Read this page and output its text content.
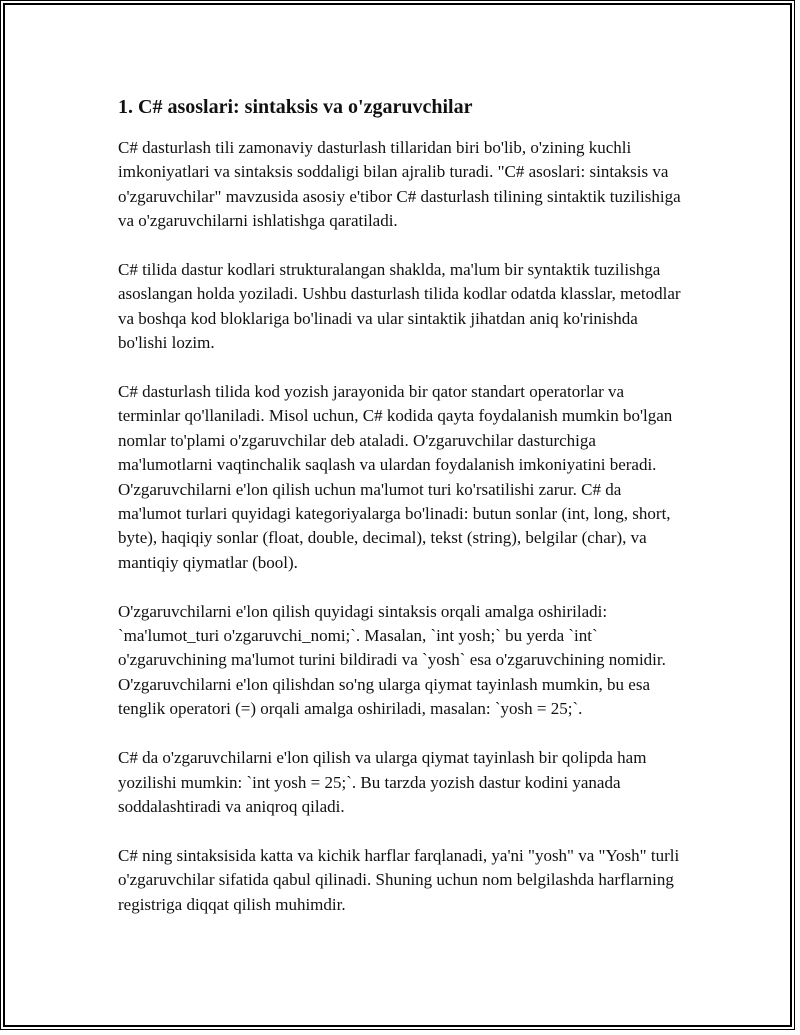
1. C# asoslari: sintaksis va o'zgaruvchilar

C# dasturlash tili zamonaviy dasturlash tillaridan biri bo'lib, o'zining kuchli imkoniyatlari va sintaksis soddaligi bilan ajralib turadi. "C# asoslari: sintaksis va o'zgaruvchilar" mavzusida asosiy e'tibor C# dasturlash tilining sintaktik tuzilishiga va o'zgaruvchilarni ishlatishga qaratiladi.

C# tilida dastur kodlari strukturalangan shaklda, ma'lum bir syntaktik tuzilishga asoslangan holda yoziladi. Ushbu dasturlash tilida kodlar odatda klasslar, metodlar va boshqa kod bloklariga bo'linadi va ular sintaktik jihatdan aniq ko'rinishda bo'lishi lozim.

C# dasturlash tilida kod yozish jarayonida bir qator standart operatorlar va terminlar qo'llaniladi. Misol uchun, C# kodida qayta foydalanish mumkin bo'lgan nomlar to'plami o'zgaruvchilar deb ataladi. O'zgaruvchilar dasturchiga ma'lumotlarni vaqtinchalik saqlash va ulardan foydalanish imkoniyatini beradi. O'zgaruvchilarni e'lon qilish uchun ma'lumot turi ko'rsatilishi zarur. C# da ma'lumot turlari quyidagi kategoriyalarga bo'linadi: butun sonlar (int, long, short, byte), haqiqiy sonlar (float, double, decimal), tekst (string), belgilar (char), va mantiqiy qiymatlar (bool).

O'zgaruvchilarni e'lon qilish quyidagi sintaksis orqali amalga oshiriladi: `ma'lumot_turi o'zgaruvchi_nomi;`. Masalan, `int yosh;` bu yerda `int` o'zgaruvchining ma'lumot turini bildiradi va `yosh` esa o'zgaruvchining nomidir. O'zgaruvchilarni e'lon qilishdan so'ng ularga qiymat tayinlash mumkin, bu esa tenglik operatori (=) orqali amalga oshiriladi, masalan: `yosh = 25;`.

C# da o'zgaruvchilarni e'lon qilish va ularga qiymat tayinlash bir qolipda ham yozilishi mumkin: `int yosh = 25;`. Bu tarzda yozish dastur kodini yanada soddalashtiradi va aniqroq qiladi.

C# ning sintaksisida katta va kichik harflar farqlanadi, ya'ni "yosh" va "Yosh" turli o'zgaruvchilar sifatida qabul qilinadi. Shuning uchun nom belgilashda harflarning registriga diqqat qilish muhimdir.
